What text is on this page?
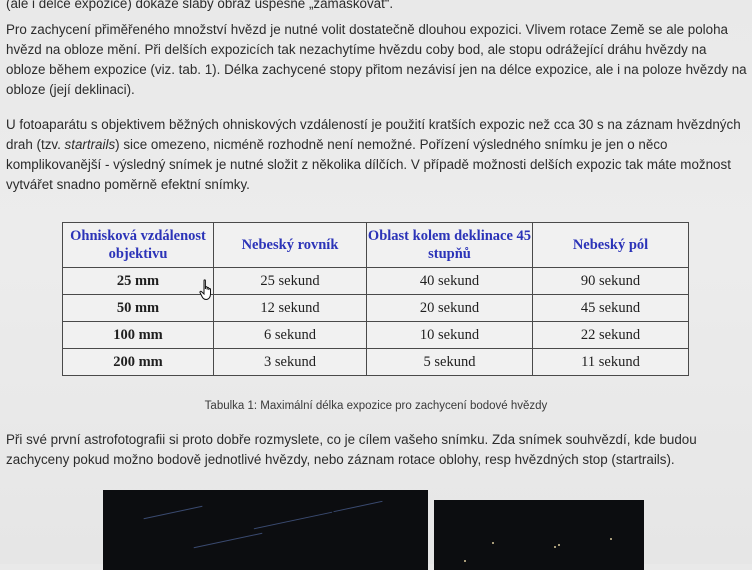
(ale i délce expozice) dokáže slabý obraz úspěšně „zamaskovat“.

Pro zachycení přiměřeného množství hvězd je nutné volit dostatečně dlouhou expozici. Vlivem rotace Země se ale poloha hvězd na obloze mění. Při delších expozicích tak nezachytíme hvězdu coby bod, ale stopu odrážející dráhu hvězdy na obloze během expozice (viz. tab. 1). Délka zachycené stopy přitom nezávisí jen na délce expozice, ale i na poloze hvězdy na obloze (její deklinaci).

U fotoaparátu s objektivem běžných ohniskových vzdáleností je použití kratších expozic než cca 30 s na záznam hvězdných drah (tzv. startrails) sice omezeno, nicméně rozhodně není nemožné. Pořízení výsledného snímku je jen o něco komplikovanější - výsledný snímek je nutné složit z několika dílčích. V případě možnosti delších expozic tak máte možnost vytvářet snadno poměrně efektní snímky.

Ohnisková vzdálenost objektivu	Nebeský rovník	Oblast kolem deklinace 45 stupňů	Nebeský pól
25 mm	25 sekund	40 sekund	90 sekund
50 mm	12 sekund	20 sekund	45 sekund
100 mm	6 sekund	10 sekund	22 sekund
200 mm	3 sekund	5 sekund	11 sekund
Tabulka 1: Maximální délka expozice pro zachycení bodové hvězdy

Při své první astrofotografii si proto dobře rozmyslete, co je cílem vašeho snímku. Zda snímek souhvězdí, kde budou zachyceny pokud možno bodově jednotlivé hvězdy, nebo záznam rotace oblohy, resp hvězdných stop (startrails).
